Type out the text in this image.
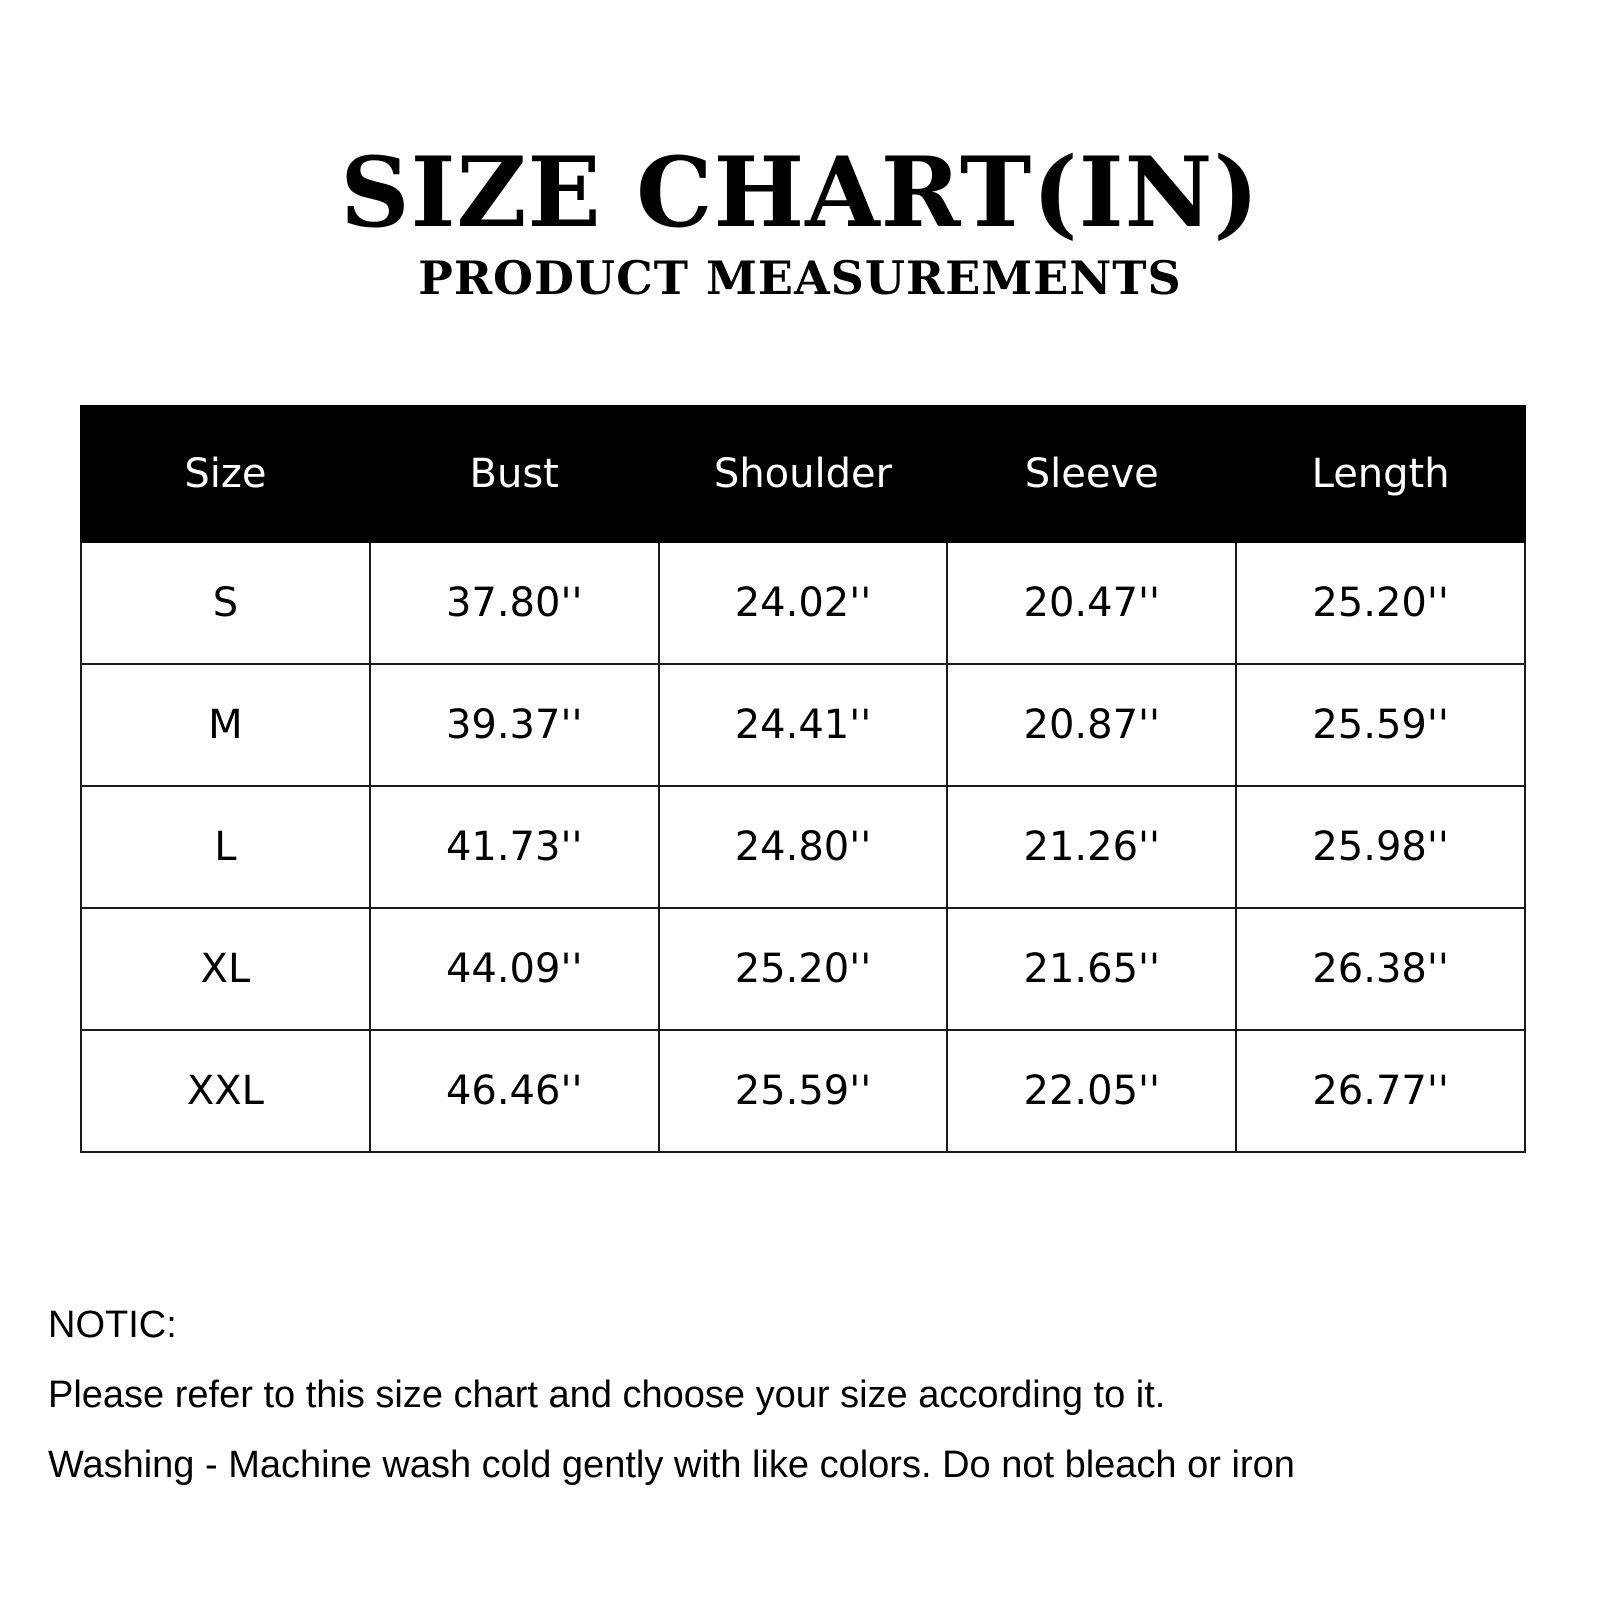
SIZE CHART(IN)
PRODUCT MEASUREMENTS
Size	Bust	Shoulder	Sleeve	Length
S	37.80''	24.02''	20.47''	25.20''
M	39.37''	24.41''	20.87''	25.59''
L	41.73''	24.80''	21.26''	25.98''
XL	44.09''	25.20''	21.65''	26.38''
XXL	46.46''	25.59''	22.05''	26.77''
NOTIC:
Please refer to this size chart and choose your size according to it.
Washing - Machine wash cold gently with like colors. Do not bleach or iron
